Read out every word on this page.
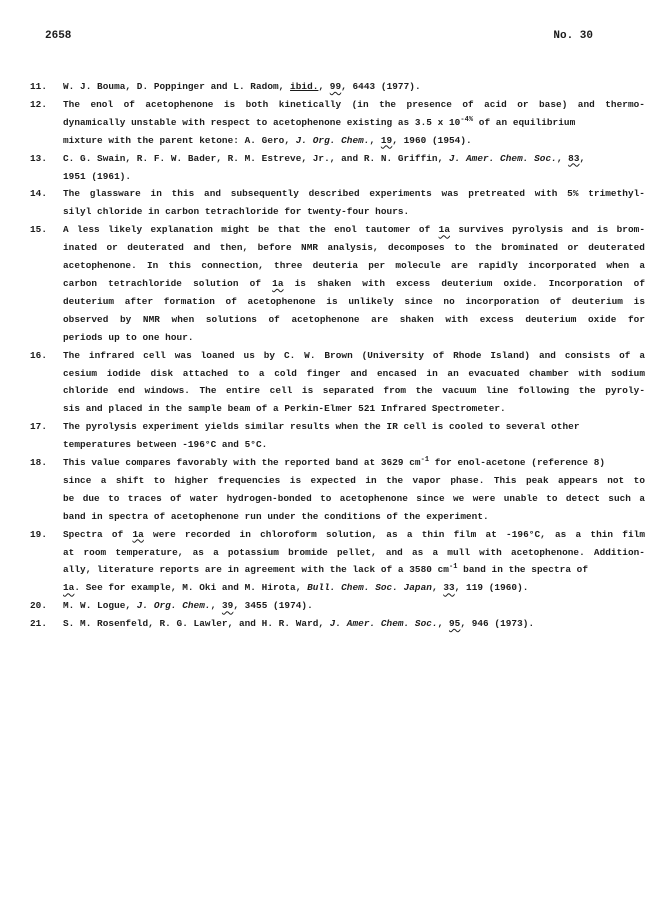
2658	No. 30
11.	W. J. Bouma, D. Poppinger and L. Radom, ibid., 99, 6443 (1977).
12.	The enol of acetophenone is both kinetically (in the presence of acid or base) and thermo-
dynamically unstable with respect to acetophenone existing as 3.5 x $10^{-4\%}$ of an equilibrium
mixture with the parent ketone: A. Gero, J. Org. Chem., 19, 1960 (1954).
13.	C. G. Swain, R. F. W. Bader, R. M. Estreve, Jr., and R. N. Griffin, J. Amer. Chem. Soc., 83,
1951 (1961).
14.	The glassware in this and subsequently described experiments was pretreated with 5% trimethyl-
silyl chloride in carbon tetrachloride for twenty-four hours.
15.	A less likely explanation might be that the enol tautomer of 1a survives pyrolysis and is brom-
inated or deuterated and then, before NMR analysis, decomposes to the brominated or deuterated
acetophenone. In this connection, three deuteria per molecule are rapidly incorporated when a
carbon tetrachloride solution of 1a is shaken with excess deuterium oxide. Incorporation of
deuterium after formation of acetophenone is unlikely since no incorporation of deuterium is
observed by NMR when solutions of acetophenone are shaken with excess deuterium oxide for
periods up to one hour.
16.	The infrared cell was loaned us by C. W. Brown (University of Rhode Island) and consists of a
cesium iodide disk attached to a cold finger and encased in an evacuated chamber with sodium
chloride end windows. The entire cell is separated from the vacuum line following the pyroly-
sis and placed in the sample beam of a Perkin-Elmer 521 Infrared Spectrometer.
17.	The pyrolysis experiment yields similar results when the IR cell is cooled to several other
temperatures between -196°C and 5°C.
18.	This value compares favorably with the reported band at 3629 $cm^{-1}$ for enol-acetone (reference 8)
since a shift to higher frequencies is expected in the vapor phase. This peak appears not to
be due to traces of water hydrogen-bonded to acetophenone since we were unable to detect such a
band in spectra of acetophenone run under the conditions of the experiment.
19.	Spectra of 1a were recorded in chloroform solution, as a thin film at -196°C, as a thin film
at room temperature, as a potassium bromide pellet, and as a mull with acetophenone. Addition-
ally, literature reports are in agreement with the lack of a 3580 $cm^{-1}$ band in the spectra of
1a. See for example, M. Oki and M. Hirota, Bull. Chem. Soc. Japan, 33, 119 (1960).
20.	M. W. Logue, J. Org. Chem., 39, 3455 (1974).
21.	S. M. Rosenfeld, R. G. Lawler, and H. R. Ward, J. Amer. Chem. Soc., 95, 946 (1973).
